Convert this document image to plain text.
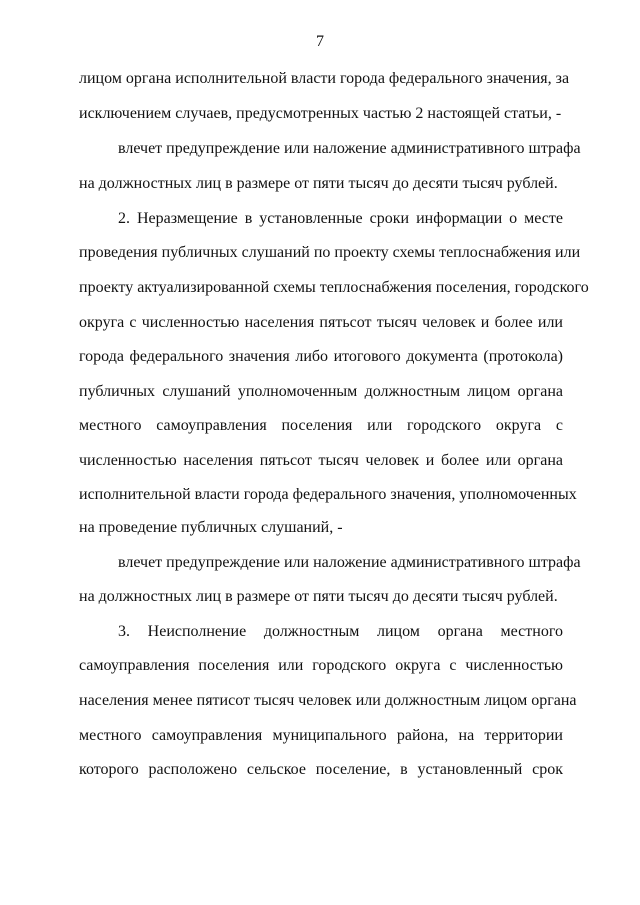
7
лицом органа исполнительной власти города федерального значения, за
исключением случаев, предусмотренных частью 2 настоящей статьи, -
влечет предупреждение или наложение административного штрафа
на должностных лиц в размере от пяти тысяч до десяти тысяч рублей.
2. Неразмещение в установленные сроки информации о месте
проведения публичных слушаний по проекту схемы теплоснабжения или
проекту актуализированной схемы теплоснабжения поселения, городского
округа с численностью населения пятьсот тысяч человек и более или
города федерального значения либо итогового документа (протокола)
публичных слушаний уполномоченным должностным лицом органа
местного самоуправления поселения или городского округа с
численностью населения пятьсот тысяч человек и более или органа
исполнительной власти города федерального значения, уполномоченных
на проведение публичных слушаний, -
влечет предупреждение или наложение административного штрафа
на должностных лиц в размере от пяти тысяч до десяти тысяч рублей.
3. Неисполнение должностным лицом органа местного
самоуправления поселения или городского округа с численностью
населения менее пятисот тысяч человек или должностным лицом органа
местного самоуправления муниципального района, на территории
которого расположено сельское поселение, в установленный срок
